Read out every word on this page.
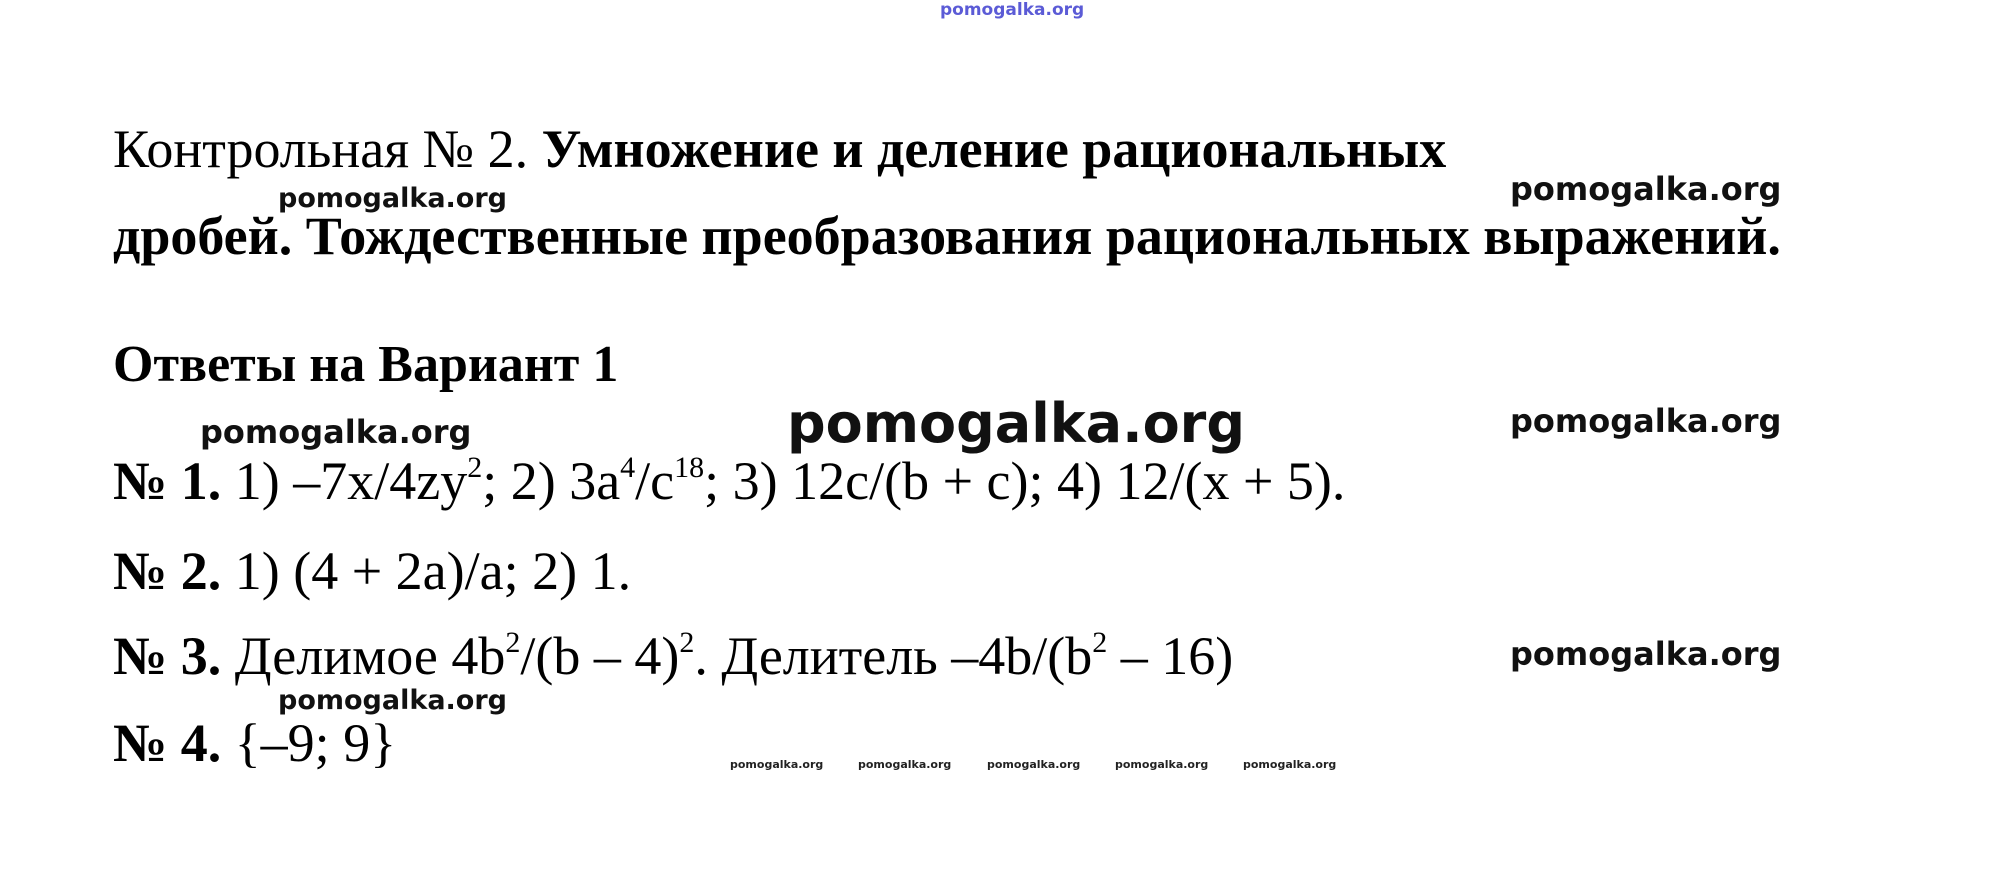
pomogalka.org
Контрольная № 2. Умножение и деление рациональных
дробей. Тождественные преобразования рациональных выражений.
Ответы на Вариант 1
№ 1. 1) $-7x/4zy^2$; 2) $3a^4/c^{18}$; 3) 12c/(b + c); 4) 12/(x + 5).
№ 2. 1) (4 + 2a)/a; 2) 1.
№ 3. Делимое $4b^2/(b - 4)^2$. Делитель $-4b/(b^2 - 16)$
№ 4. {–9; 9}
pomogalka.org	pomogalka.org
pomogalka.org	pomogalka.org	pomogalka.org
pomogalka.org
pomogalka.org
pomogalka.org	pomogalka.org	pomogalka.org	pomogalka.org	pomogalka.org
